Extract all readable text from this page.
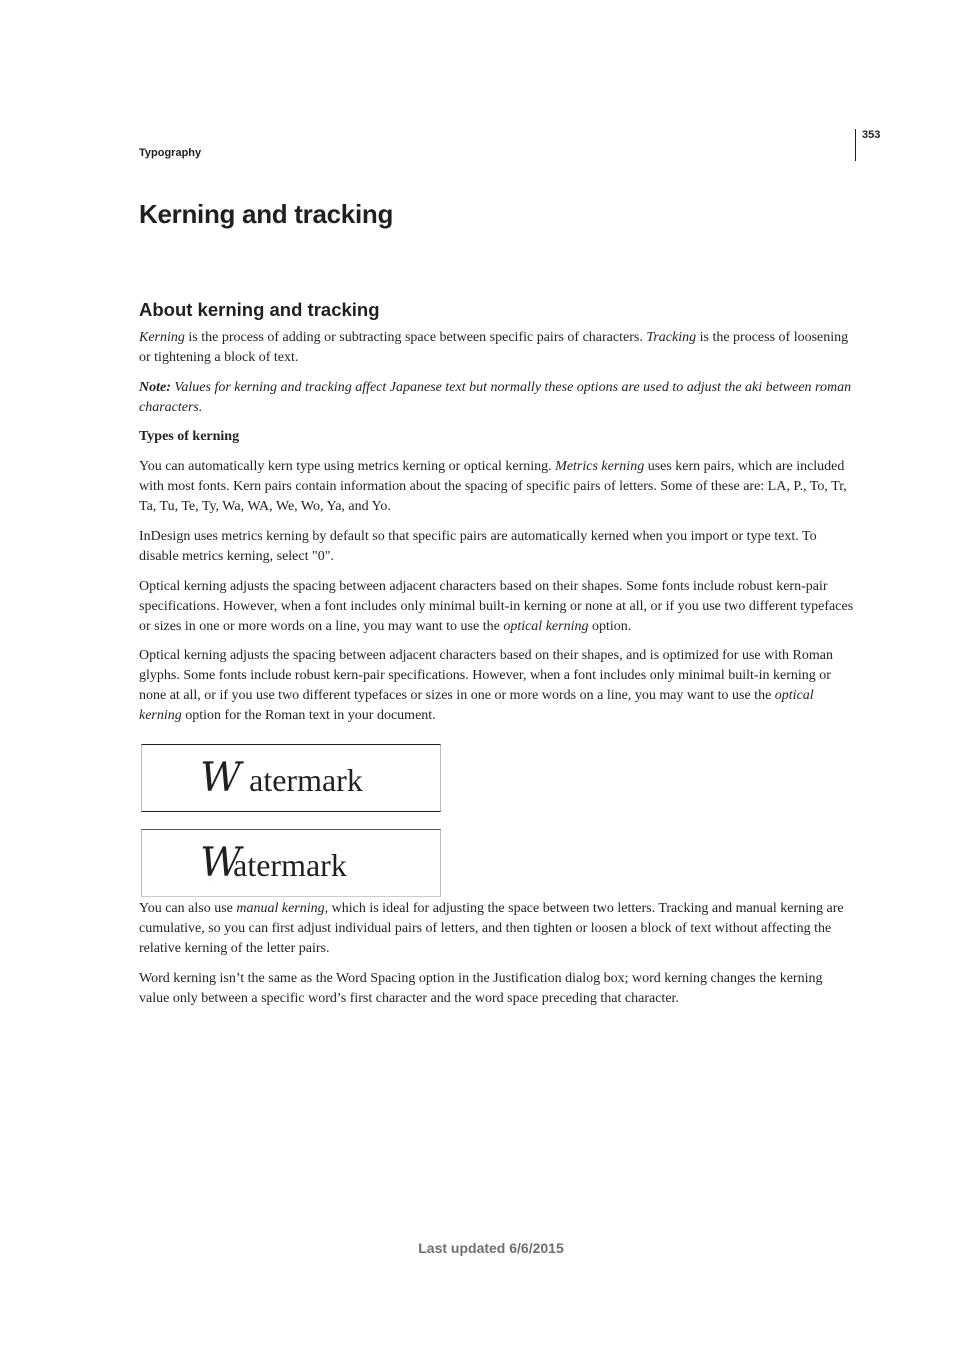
353
Typography
Kerning and tracking
About kerning and tracking

Kerning is the process of adding or subtracting space between specific pairs of characters. Tracking is the process of loosening or tightening a block of text.

Note: Values for kerning and tracking affect Japanese text but normally these options are used to adjust the aki between roman characters.

Types of kerning

You can automatically kern type using metrics kerning or optical kerning. Metrics kerning uses kern pairs, which are included with most fonts. Kern pairs contain information about the spacing of specific pairs of letters. Some of these are: LA, P., To, Tr, Ta, Tu, Te, Ty, Wa, WA, We, Wo, Ya, and Yo.

InDesign uses metrics kerning by default so that specific pairs are automatically kerned when you import or type text. To disable metrics kerning, select "0".

Optical kerning adjusts the spacing between adjacent characters based on their shapes. Some fonts include robust kern-pair specifications. However, when a font includes only minimal built-in kerning or none at all, or if you use two different typefaces or sizes in one or more words on a line, you may want to use the optical kerning option.

Optical kerning adjusts the spacing between adjacent characters based on their shapes, and is optimized for use with Roman glyphs. Some fonts include robust kern-pair specifications. However, when a font includes only minimal built-in kerning or none at all, or if you use two different typefaces or sizes in one or more words on a line, you may want to use the optical kerning option for the Roman text in your document.

W atermark
Watermark

You can also use manual kerning, which is ideal for adjusting the space between two letters. Tracking and manual kerning are cumulative, so you can first adjust individual pairs of letters, and then tighten or loosen a block of text without affecting the relative kerning of the letter pairs.

Word kerning isn’t the same as the Word Spacing option in the Justification dialog box; word kerning changes the kerning value only between a specific word’s first character and the word space preceding that character.

Last updated 6/6/2015
